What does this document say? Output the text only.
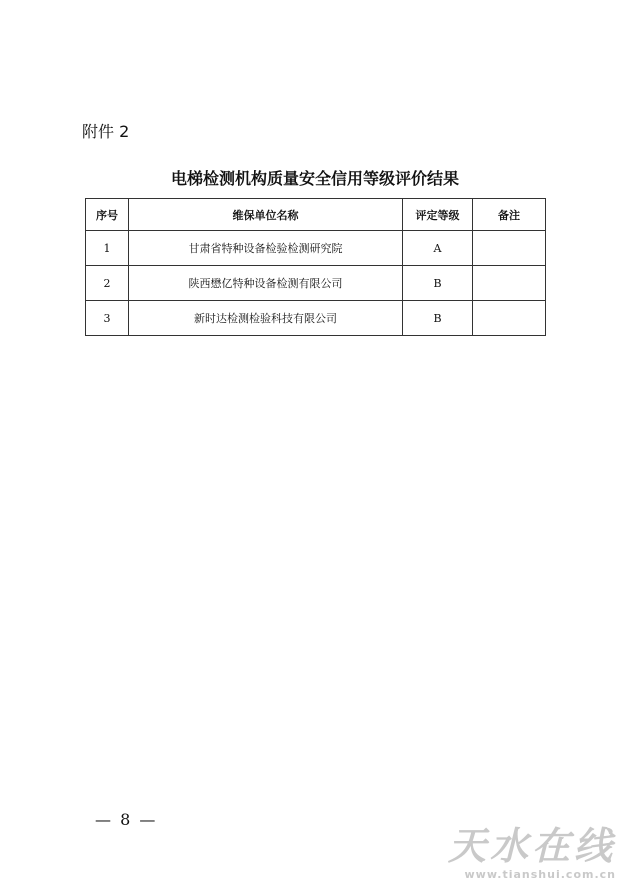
附件 2
电梯检测机构质量安全信用等级评价结果
序号	维保单位名称	评定等级	备注
1	甘肃省特种设备检验检测研究院	A	
2	陕西懋亿特种设备检测有限公司	B	
3	新时达检测检验科技有限公司	B	
— 8 —
天水在线
www.tianshui.com.cn
